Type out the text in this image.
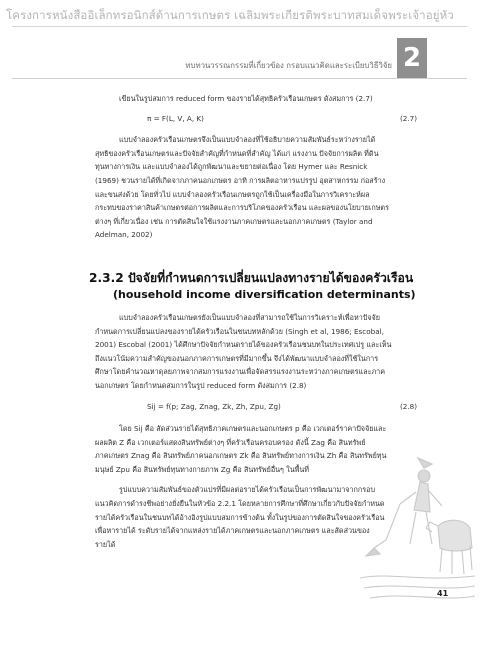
โครงการหนังสืออิเล็กทรอนิกส์ด้านการเกษตร เฉลิมพระเกียรติพระบาทสมเด็จพระเจ้าอยู่หัว
ทบทวนวรรณกรรมที่เกี่ยวข้อง กรอบแนวคิดและระเบียบวิธีวิจัย 2
เขียนในรูปสมการ reduced form ของรายได้สุทธิครัวเรือนเกษตร ดังสมการ (2.7)
π = F(L, V, A, K)	(2.7)
แบบจำลองครัวเรือนเกษตรจึงเป็นแบบจำลองที่ใช้อธิบายความสัมพันธ์ระหว่างรายได้
สุทธิของครัวเรือนเกษตรและปัจจัยสำคัญที่กำหนดที่สำคัญ ได้แก่ แรงงาน ปัจจัยการผลิต ที่ดิน
ทุนทางการเงิน และแบบจำลองได้ถูกพัฒนาและขยายต่อเนื่อง โดย Hymer และ Resnick
(1969) ชวนรายได้ที่เกิดจากภาคนอกเกษตร อาทิ การผลิตอาหารแปรรูป อุตสาหกรรม ก่อสร้าง
และขนส่งด้วย โดยทั่วไป แบบจำลองครัวเรือนเกษตรถูกใช้เป็นเครื่องมือในการวิเคราะห์ผล
กระทบของราคาสินค้าเกษตรต่อการผลิตและการบริโภคของครัวเรือน และผลของนโยบายเกษตร
ต่างๆ ที่เกี่ยวเนื่อง เช่น การตัดสินใจใช้แรงงานภาคเกษตรและนอกภาคเกษตร (Taylor and
Adelman, 2002)
2.3.2 ปัจจัยที่กำหนดการเปลี่ยนแปลงทางรายได้ของครัวเรือน
(household income diversification determinants)
แบบจำลองครัวเรือนเกษตรยังเป็นแบบจำลองที่สามารถใช้ในการวิเคราะห์เพื่อหาปัจจัย
กำหนดการเปลี่ยนแปลงของรายได้ครัวเรือนในชนบทหลักด้วย (Singh et al, 1986; Escobal,
2001) Escobal (2001) ได้ศึกษาปัจจัยกำหนดรายได้ของครัวเรือนชนบทในประเทศเปรู และเห็น
ถึงแนวโน้มความสำคัญของนอกภาคการเกษตรที่มีมากขึ้น จึงได้พัฒนาแบบจำลองที่ใช้ในการ
ศึกษาโดยคำนวณหาดุลยภาพจากสมการแรงงานเพื่อจัดสรรแรงงานระหว่างภาคเกษตรและภาค
นอกเกษตร โดยกำหนดสมการในรูป reduced form ดังสมการ (2.8)
Sij = f(p; Zag, Znag, Zk, Zh, Zpu, Zg)	(2.8)
โดย Sij คือ สัดส่วนรายได้สุทธิภาคเกษตรและนอกเกษตร p คือ เวกเตอร์ราคาปัจจัยและ
ผลผลิต Z คือ เวกเตอร์แสดงสินทรัพย์ต่างๆ ที่ครัวเรือนครอบครอง ดังนี้ Zag คือ สินทรัพย์
ภาคเกษตร Znag คือ สินทรัพย์ภาคนอกเกษตร Zk คือ สินทรัพย์ทางการเงิน Zh คือ สินทรัพย์ทุน
มนุษย์ Zpu คือ สินทรัพย์ทุนทางกายภาพ Zg คือ สินทรัพย์อื่นๆ ในพื้นที่
รูปแบบความสัมพันธ์ของตัวแปรที่มีผลต่อรายได้ครัวเรือนเป็นการพัฒนามาจากกรอบ
แนวคิดการดำรงชีพอย่างยั่งยืนในหัวข้อ 2.2.1 โดยหลายการศึกษาที่ศึกษาเกี่ยวกับปัจจัยกำหนด
รายได้ครัวเรือนในชนบทได้อ้างอิงรูปแบบสมการข้างต้น ทั้งในรูปของการตัดสินใจของครัวเรือน
เพื่อหารายได้ ระดับรายได้จากแหล่งรายได้ภาคเกษตรและนอกภาคเกษตร และสัดส่วนของ
รายได้
41
